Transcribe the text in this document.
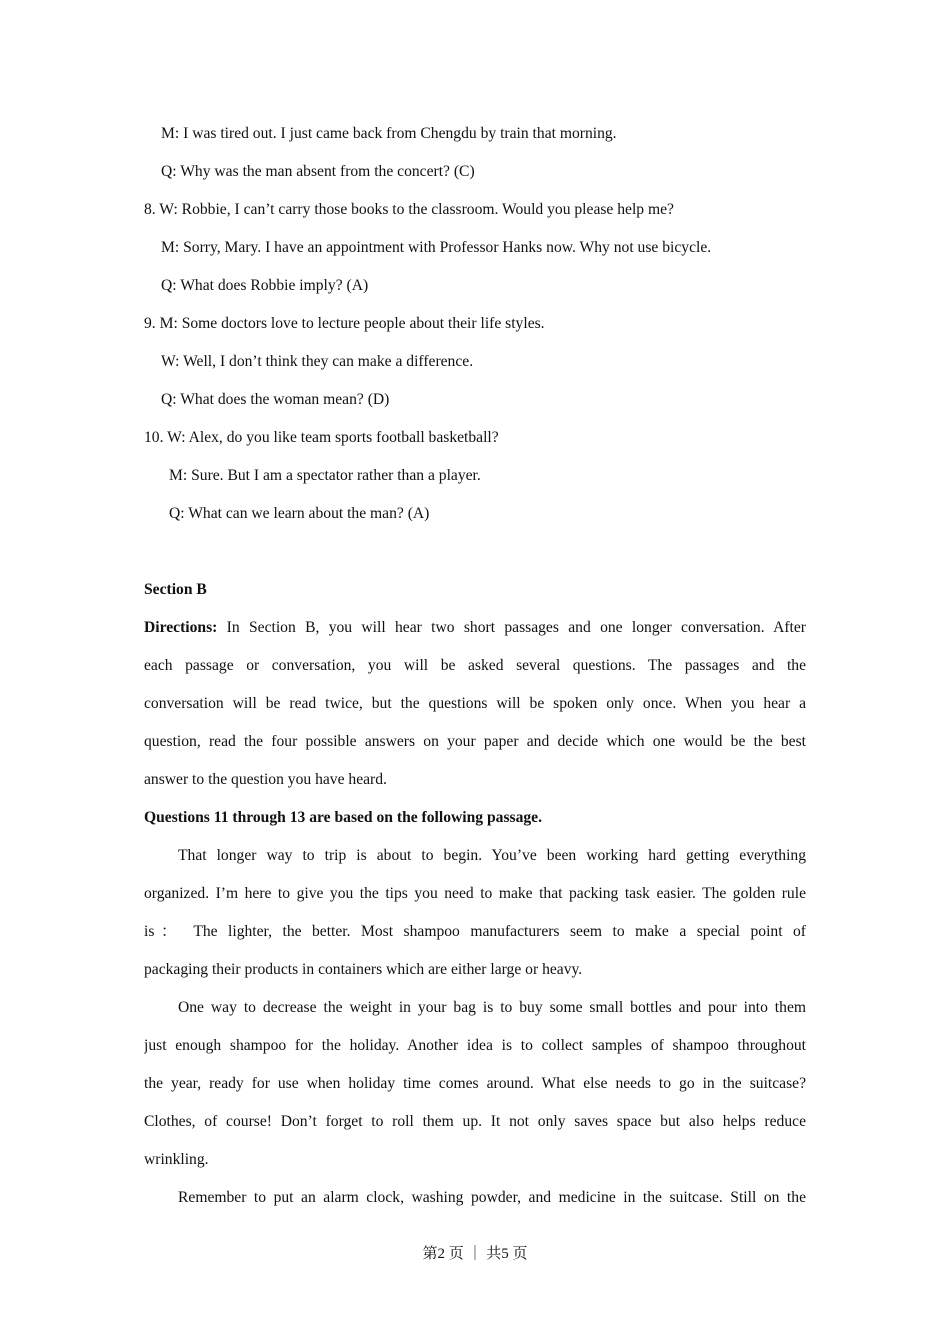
M: I was tired out. I just came back from Chengdu by train that morning.
Q: Why was the man absent from the concert? (C)
8. W: Robbie, I can’t carry those books to the classroom. Would you please help me?
M: Sorry, Mary. I have an appointment with Professor Hanks now. Why not use bicycle.
Q: What does Robbie imply? (A)
9. M: Some doctors love to lecture people about their life styles.
W: Well, I don’t think they can make a difference.
Q: What does the woman mean? (D)
10. W: Alex, do you like team sports football basketball?
M: Sure. But I am a spectator rather than a player.
Q: What can we learn about the man? (A)
Section B
Directions: In Section B, you will hear two short passages and one longer conversation. After
each passage or conversation, you will be asked several questions. The passages and the
conversation will be read twice, but the questions will be spoken only once. When you hear a
question, read the four possible answers on your paper and decide which one would be the best
answer to the question you have heard.
Questions 11 through 13 are based on the following passage.
That longer way to trip is about to begin. You’ve been working hard getting everything
organized. I’m here to give you the tips you need to make that packing task easier. The golden rule
is： The lighter, the better. Most shampoo manufacturers seem to make a special point of
packaging their products in containers which are either large or heavy.
One way to decrease the weight in your bag is to buy some small bottles and pour into them
just enough shampoo for the holiday. Another idea is to collect samples of shampoo throughout
the year, ready for use when holiday time comes around. What else needs to go in the suitcase?
Clothes, of course! Don’t forget to roll them up. It not only saves space but also helps reduce
wrinkling.
Remember to put an alarm clock, washing powder, and medicine in the suitcase. Still on the
第2 页 ｜ 共5 页
